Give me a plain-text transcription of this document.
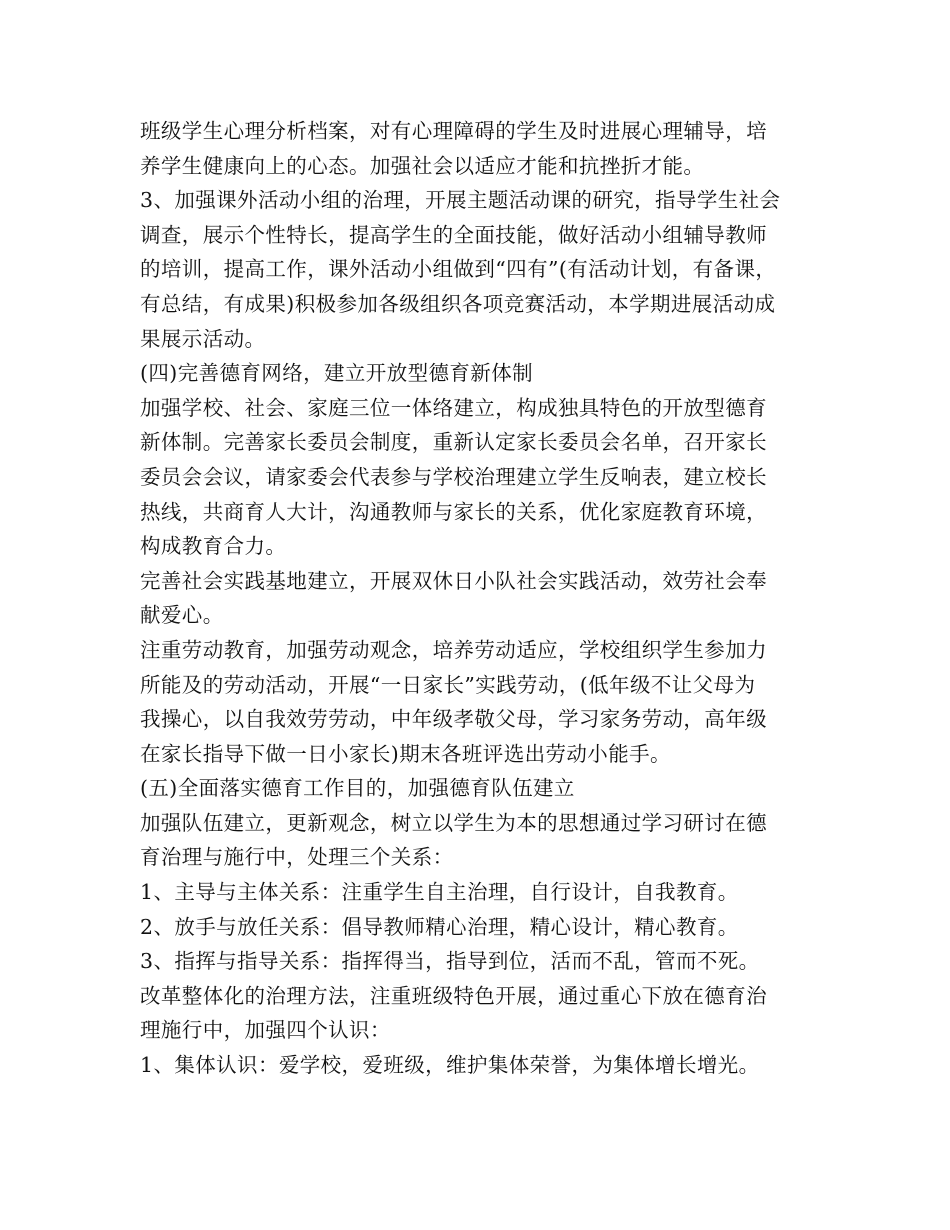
班级学生心理分析档案，对有心理障碍的学生及时进展心理辅导，培
养学生健康向上的心态。加强社会以适应才能和抗挫折才能。
3、加强课外活动小组的治理，开展主题活动课的研究，指导学生社会
调查，展示个性特长，提高学生的全面技能，做好活动小组辅导教师
的培训，提高工作，课外活动小组做到“四有”(有活动计划，有备课，
有总结，有成果)积极参加各级组织各项竞赛活动，本学期进展活动成
果展示活动。
(四)完善德育网络，建立开放型德育新体制
加强学校、社会、家庭三位一体络建立，构成独具特色的开放型德育
新体制。完善家长委员会制度，重新认定家长委员会名单，召开家长
委员会会议，请家委会代表参与学校治理建立学生反响表，建立校长
热线，共商育人大计，沟通教师与家长的关系，优化家庭教育环境，
构成教育合力。
完善社会实践基地建立，开展双休日小队社会实践活动，效劳社会奉
献爱心。
注重劳动教育，加强劳动观念，培养劳动适应，学校组织学生参加力
所能及的劳动活动，开展“一日家长”实践劳动，(低年级不让父母为
我操心，以自我效劳劳动，中年级孝敬父母，学习家务劳动，高年级
在家长指导下做一日小家长)期末各班评选出劳动小能手。
(五)全面落实德育工作目的，加强德育队伍建立
加强队伍建立，更新观念，树立以学生为本的思想通过学习研讨在德
育治理与施行中，处理三个关系：
1、主导与主体关系：注重学生自主治理，自行设计，自我教育。
2、放手与放任关系：倡导教师精心治理，精心设计，精心教育。
3、指挥与指导关系：指挥得当，指导到位，活而不乱，管而不死。
改革整体化的治理方法，注重班级特色开展，通过重心下放在德育治
理施行中，加强四个认识：
1、集体认识：爱学校，爱班级，维护集体荣誉，为集体增长增光。
